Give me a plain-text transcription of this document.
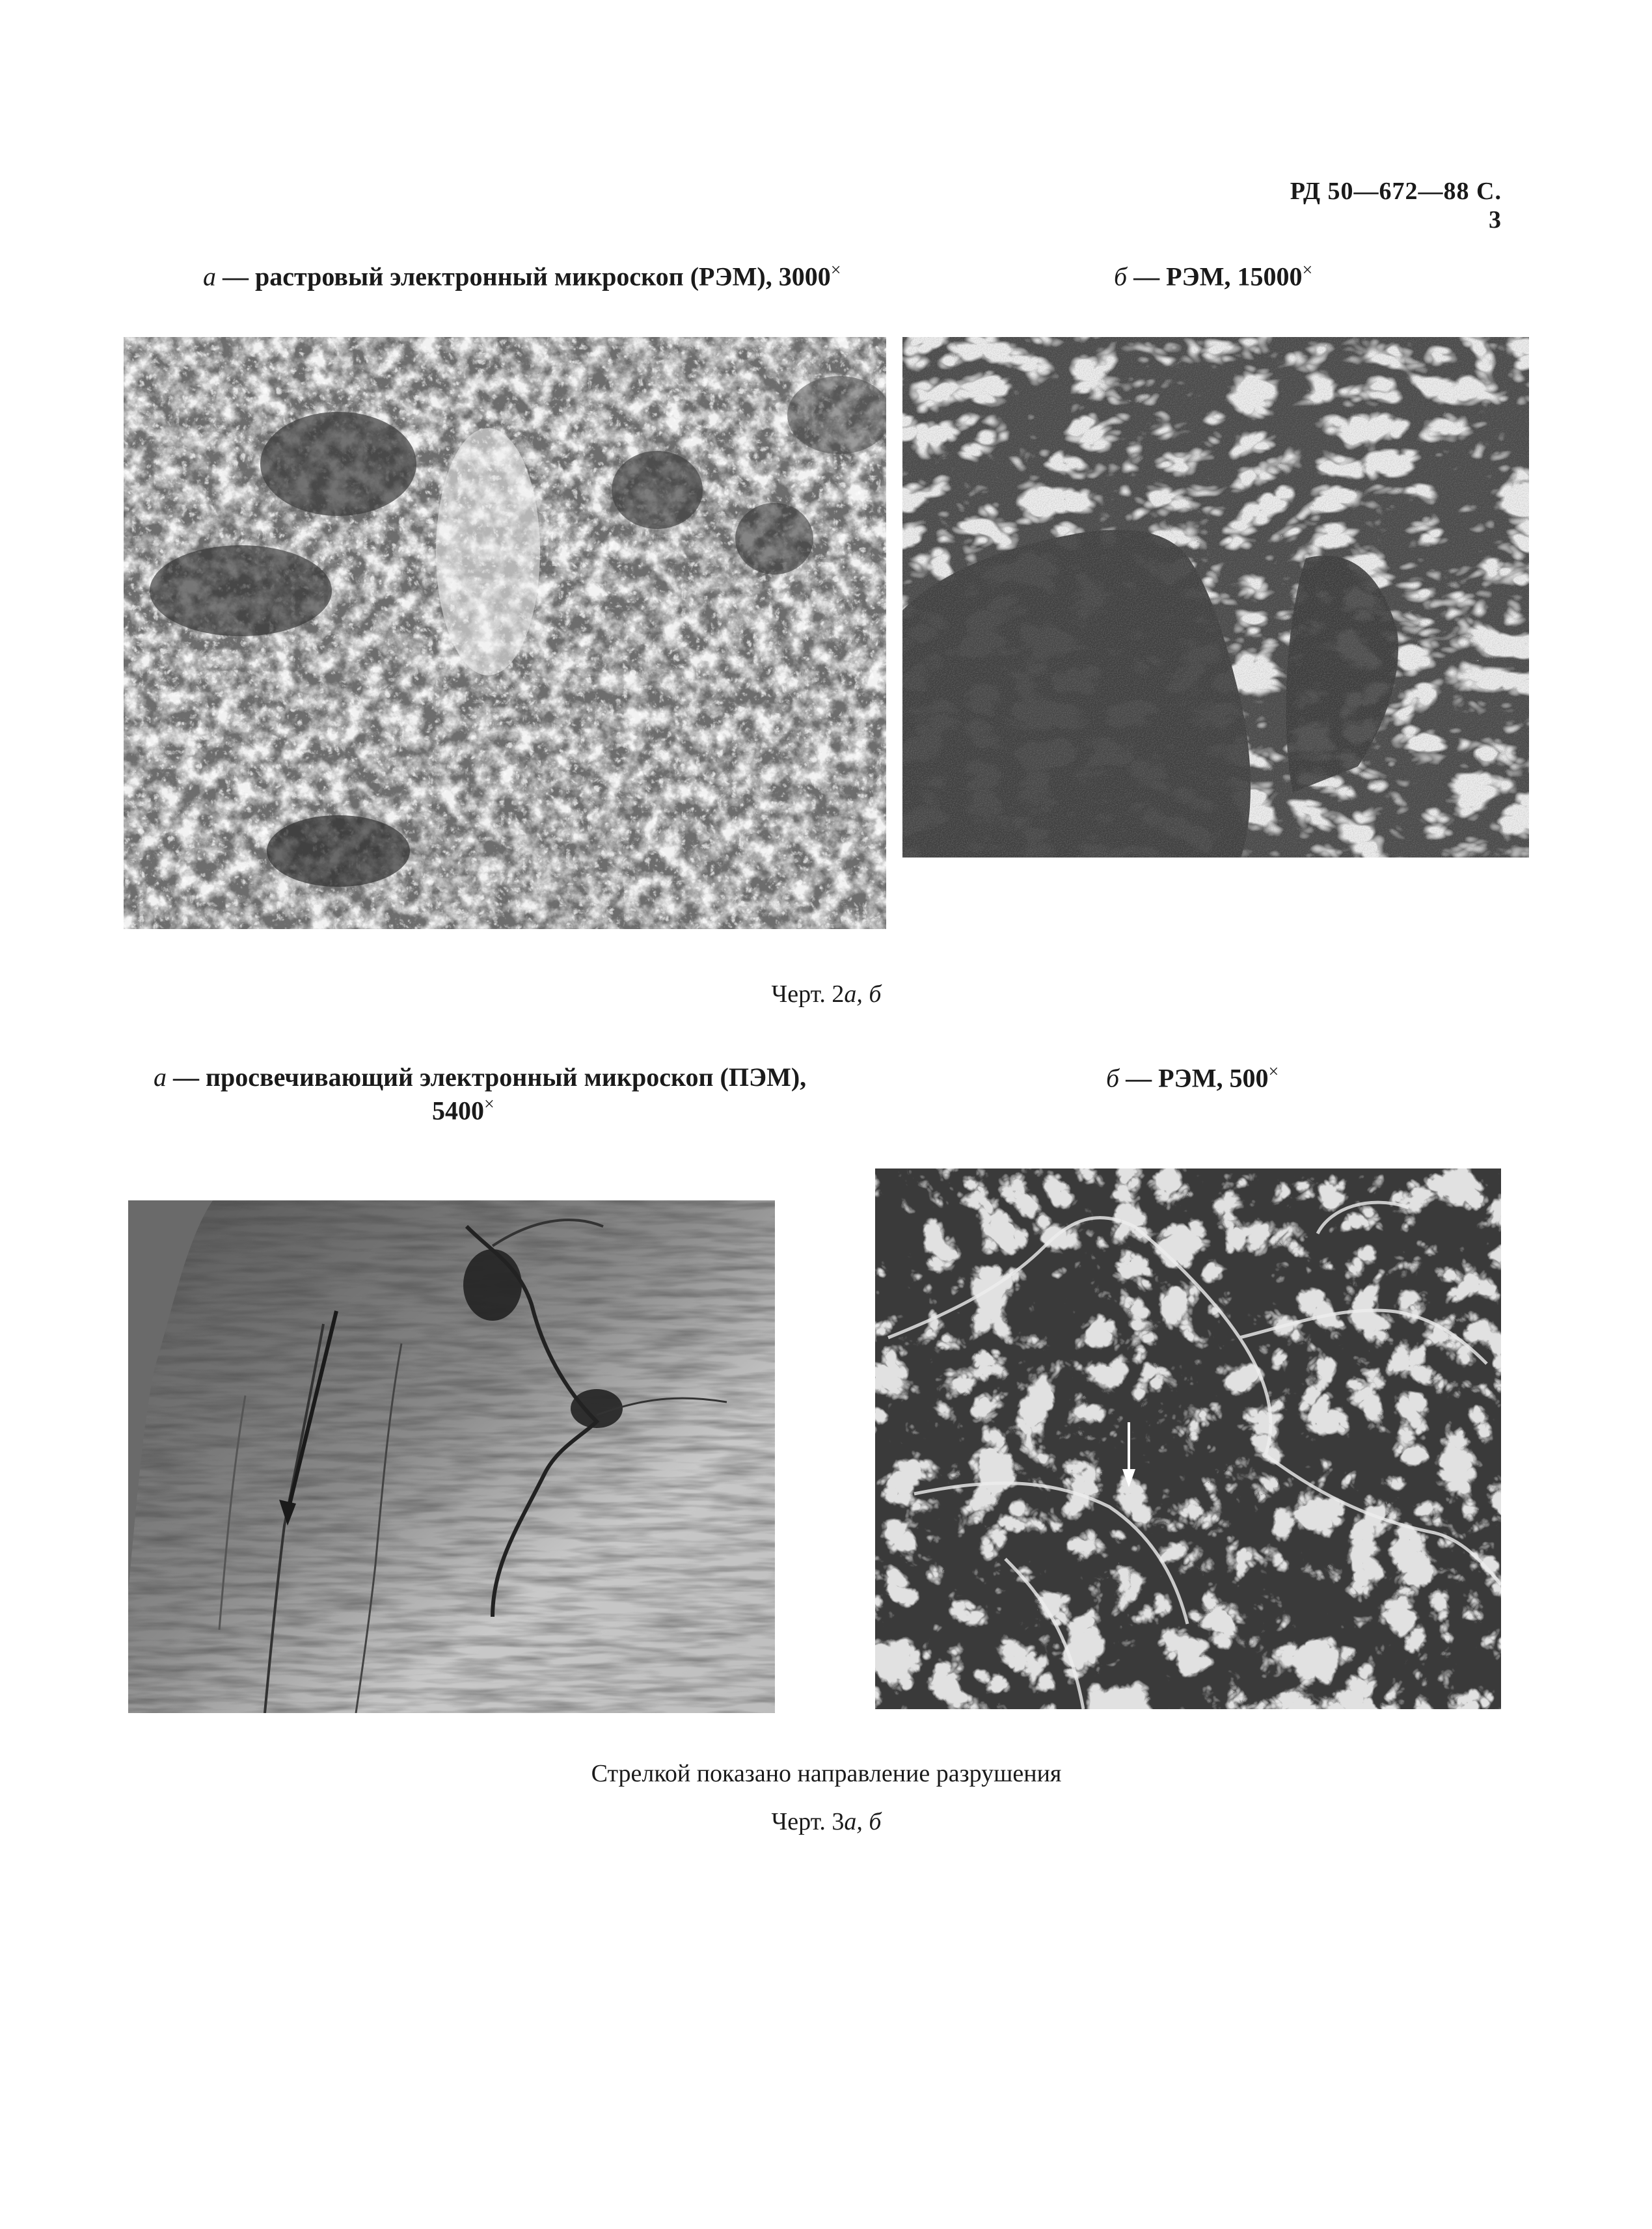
РД 50—672—88 С. 3
а — растровый электронный микроскоп (РЭМ), 3000×	б — РЭМ, 15000×
Черт. 2а, б
а — просвечивающий электронный микроскоп (ПЭМ),
5400×
б — РЭМ, 500×
Стрелкой показано направление разрушения
Черт. 3а, б
